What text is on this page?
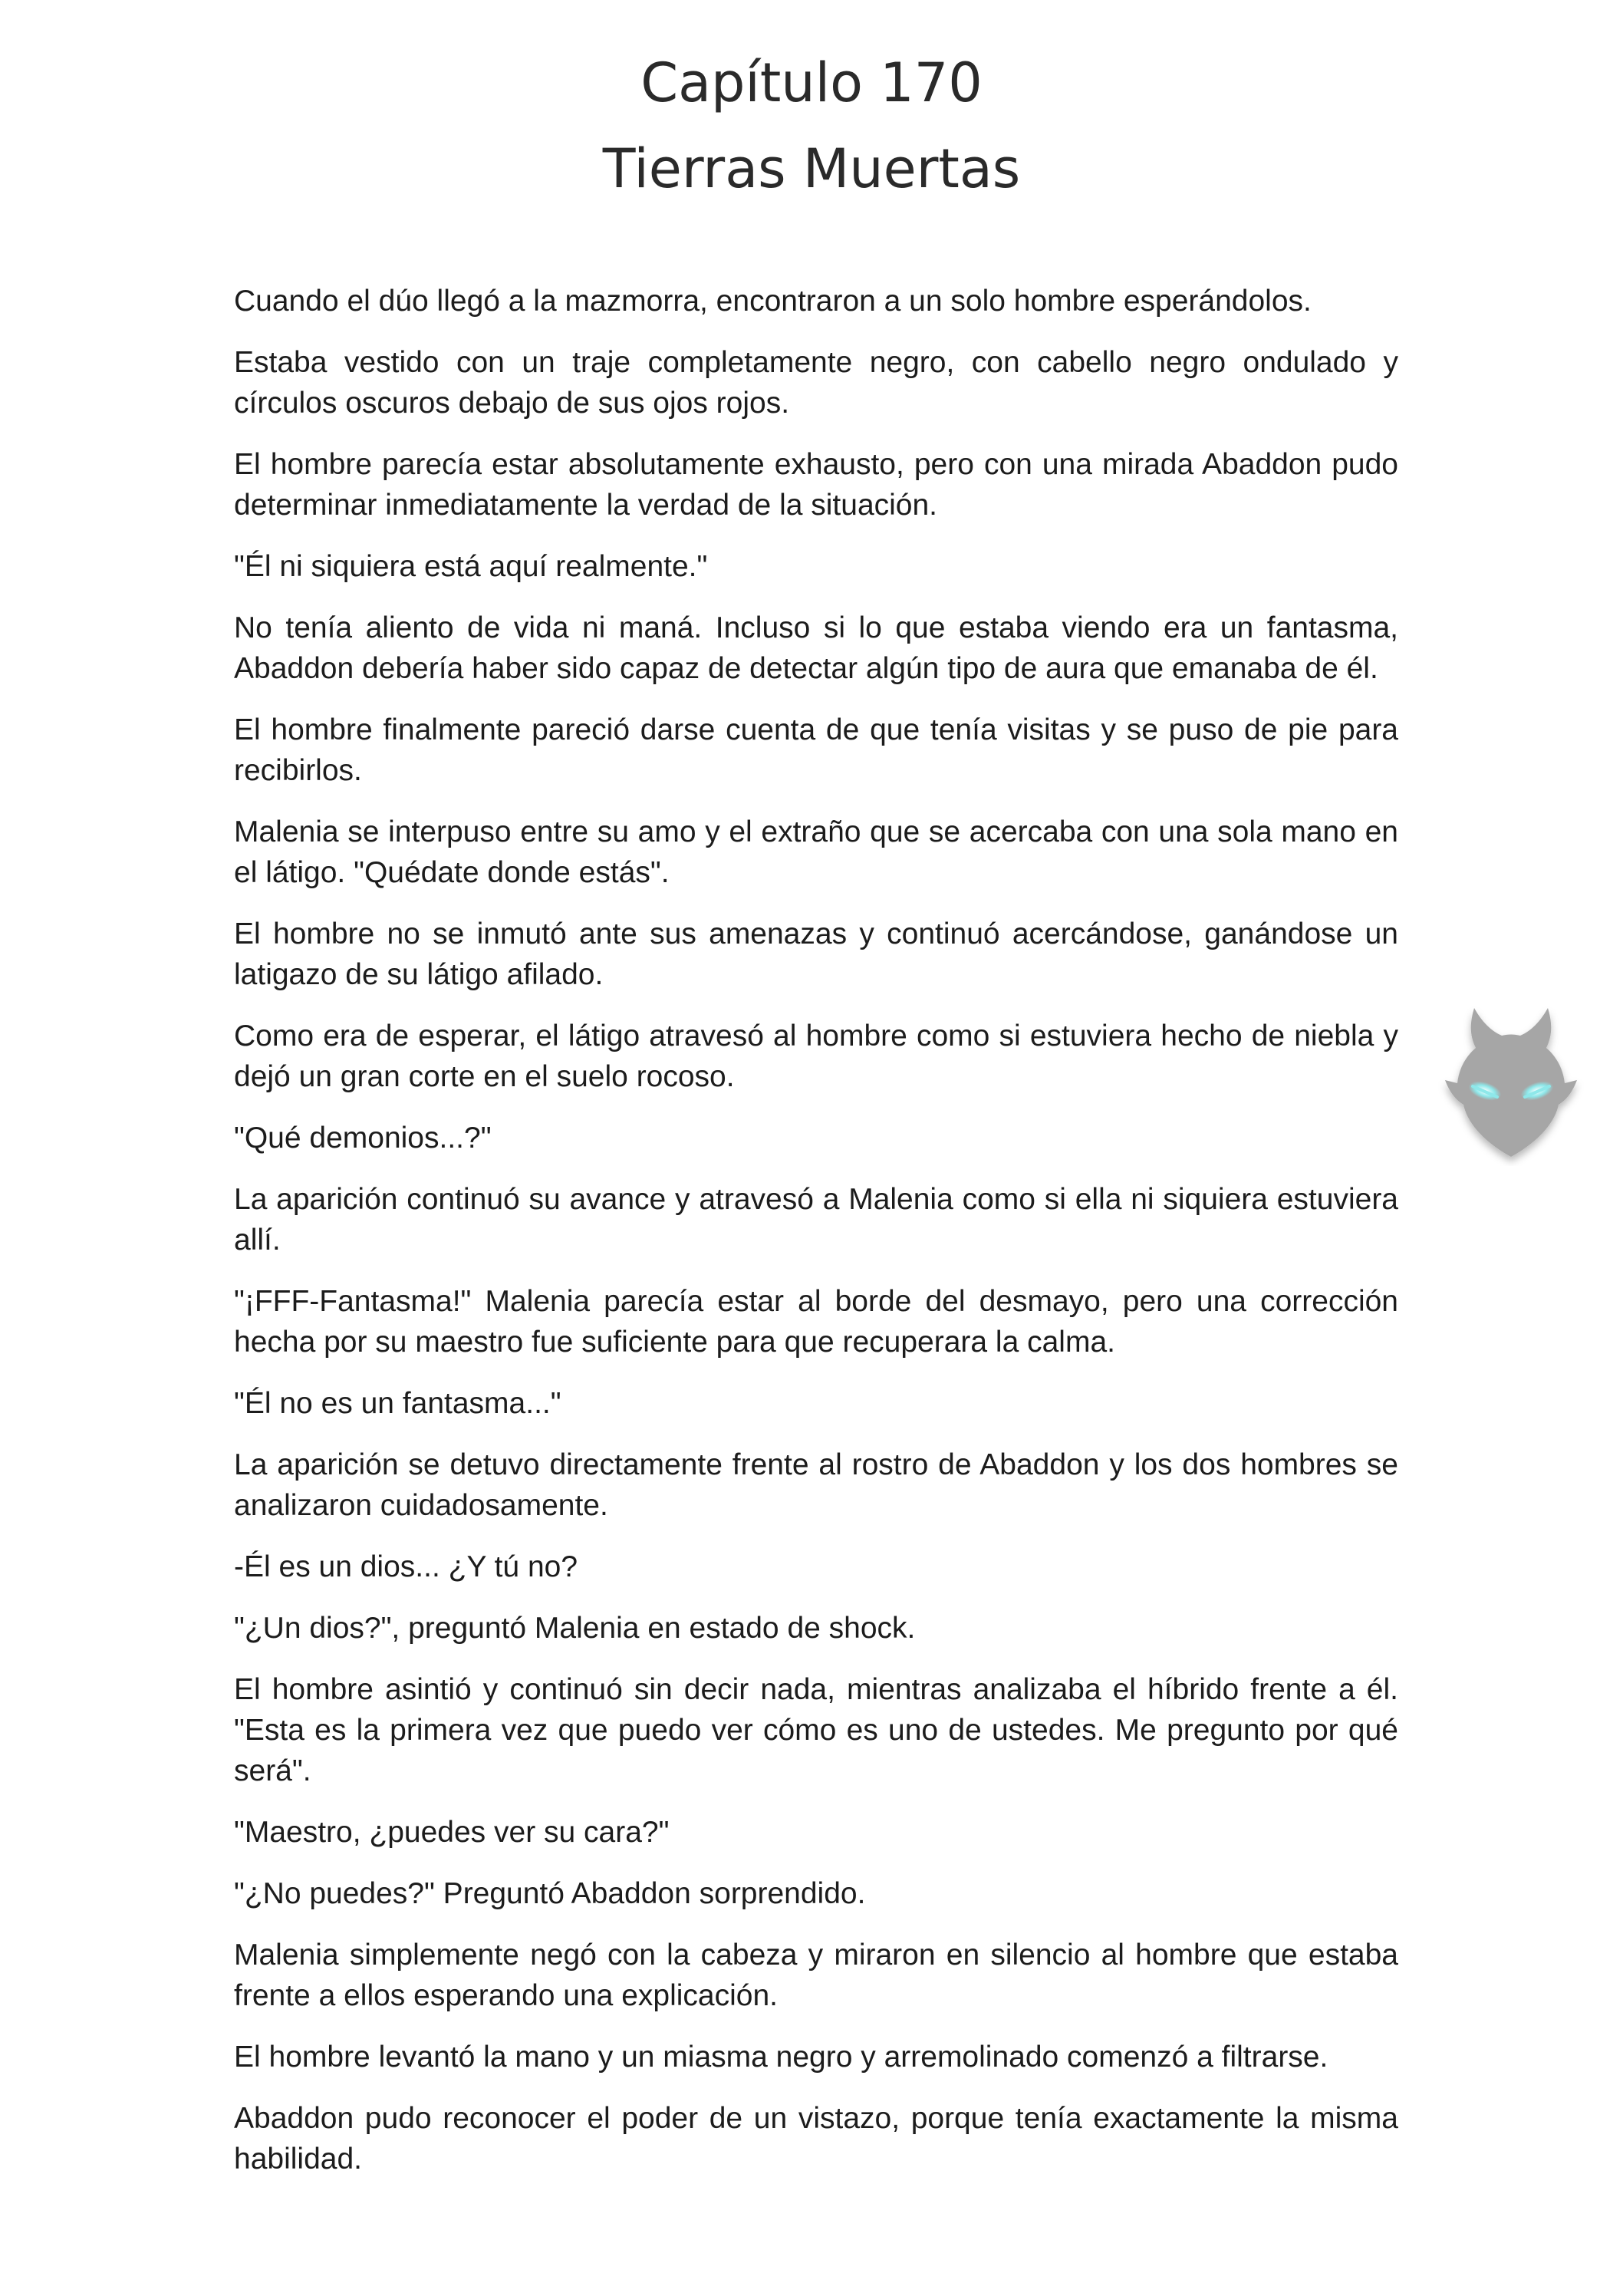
Capítulo 170
Tierras Muertas

Cuando el dúo llegó a la mazmorra, encontraron a un solo hombre esperándolos.

Estaba vestido con un traje completamente negro, con cabello negro ondulado y círculos oscuros debajo de sus ojos rojos.

El hombre parecía estar absolutamente exhausto, pero con una mirada Abaddon pudo determinar inmediatamente la verdad de la situación.

"Él ni siquiera está aquí realmente."

No tenía aliento de vida ni maná. Incluso si lo que estaba viendo era un fantasma, Abaddon debería haber sido capaz de detectar algún tipo de aura que emanaba de él.

El hombre finalmente pareció darse cuenta de que tenía visitas y se puso de pie para recibirlos.

Malenia se interpuso entre su amo y el extraño que se acercaba con una sola mano en el látigo. "Quédate donde estás".

El hombre no se inmutó ante sus amenazas y continuó acercándose, ganándose un latigazo de su látigo afilado.

Como era de esperar, el látigo atravesó al hombre como si estuviera hecho de niebla y dejó un gran corte en el suelo rocoso.

"Qué demonios...?"

La aparición continuó su avance y atravesó a Malenia como si ella ni siquiera estuviera allí.

"¡FFF-Fantasma!" Malenia parecía estar al borde del desmayo, pero una corrección hecha por su maestro fue suficiente para que recuperara la calma.

"Él no es un fantasma..."

La aparición se detuvo directamente frente al rostro de Abaddon y los dos hombres se analizaron cuidadosamente.

-Él es un dios... ¿Y tú no?

"¿Un dios?", preguntó Malenia en estado de shock.

El hombre asintió y continuó sin decir nada, mientras analizaba el híbrido frente a él. "Esta es la primera vez que puedo ver cómo es uno de ustedes. Me pregunto por qué será".

"Maestro, ¿puedes ver su cara?"

"¿No puedes?" Preguntó Abaddon sorprendido.

Malenia simplemente negó con la cabeza y miraron en silencio al hombre que estaba frente a ellos esperando una explicación.

El hombre levantó la mano y un miasma negro y arremolinado comenzó a filtrarse.

Abaddon pudo reconocer el poder de un vistazo, porque tenía exactamente la misma habilidad.
